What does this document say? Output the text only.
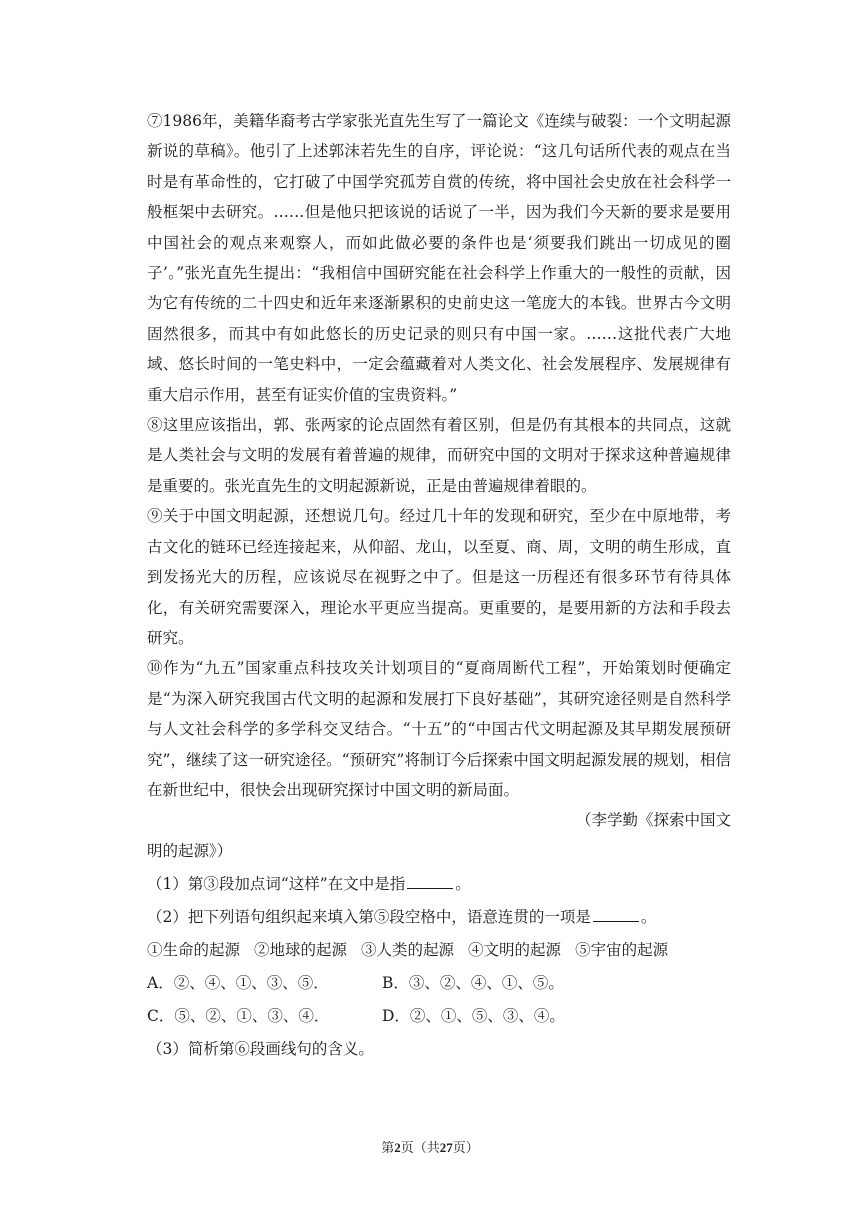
⑦1986年，美籍华裔考古学家张光直先生写了一篇论文《连续与破裂：一个文明起源新说的草稿》。他引了上述郭沫若先生的自序，评论说：“这几句话所代表的观点在当时是有革命性的，它打破了中国学究孤芳自赏的传统，将中国社会史放在社会科学一般框架中去研究。……但是他只把该说的话说了一半，因为我们今天新的要求是要用中国社会的观点来观察人，而如此做必要的条件也是‘须要我们跳出一切成见的圈子’。”张光直先生提出：“我相信中国研究能在社会科学上作重大的一般性的贡献，因为它有传统的二十四史和近年来逐渐累积的史前史这一笔庞大的本钱。世界古今文明固然很多，而其中有如此悠长的历史记录的则只有中国一家。……这批代表广大地域、悠长时间的一笔史料中，一定会蕴藏着对人类文化、社会发展程序、发展规律有重大启示作用，甚至有证实价值的宝贵资料。”

⑧这里应该指出，郭、张两家的论点固然有着区别，但是仍有其根本的共同点，这就是人类社会与文明的发展有着普遍的规律，而研究中国的文明对于探求这种普遍规律是重要的。张光直先生的文明起源新说，正是由普遍规律着眼的。

⑨关于中国文明起源，还想说几句。经过几十年的发现和研究，至少在中原地带，考古文化的链环已经连接起来，从仰韶、龙山，以至夏、商、周，文明的萌生形成，直到发扬光大的历程，应该说尽在视野之中了。但是这一历程还有很多环节有待具体化，有关研究需要深入，理论水平更应当提高。更重要的，是要用新的方法和手段去研究。

⑩作为“九五”国家重点科技攻关计划项目的“夏商周断代工程”，开始策划时便确定是“为深入研究我国古代文明的起源和发展打下良好基础”，其研究途径则是自然科学与人文社会科学的多学科交叉结合。“十五”的“中国古代文明起源及其早期发展预研究”，继续了这一研究途径。“预研究”将制订今后探索中国文明起源发展的规划，相信在新世纪中，很快会出现研究探讨中国文明的新局面。

（李学勤《探索中国文

明的起源》）

（1）第③段加点词“这样”在文中是指	。

（2）把下列语句组织起来填入第⑤段空格中，语意连贯的一项是	。

①生命的起源 ②地球的起源 ③人类的起源 ④文明的起源 ⑤宇宙的起源

A．②、④、①、③、⑤．	B．③、②、④、①、⑤。
C．⑤、②、①、③、④．	D．②、①、⑤、③、④。

（3）简析第⑥段画线句的含义。

第2页（共27页）
